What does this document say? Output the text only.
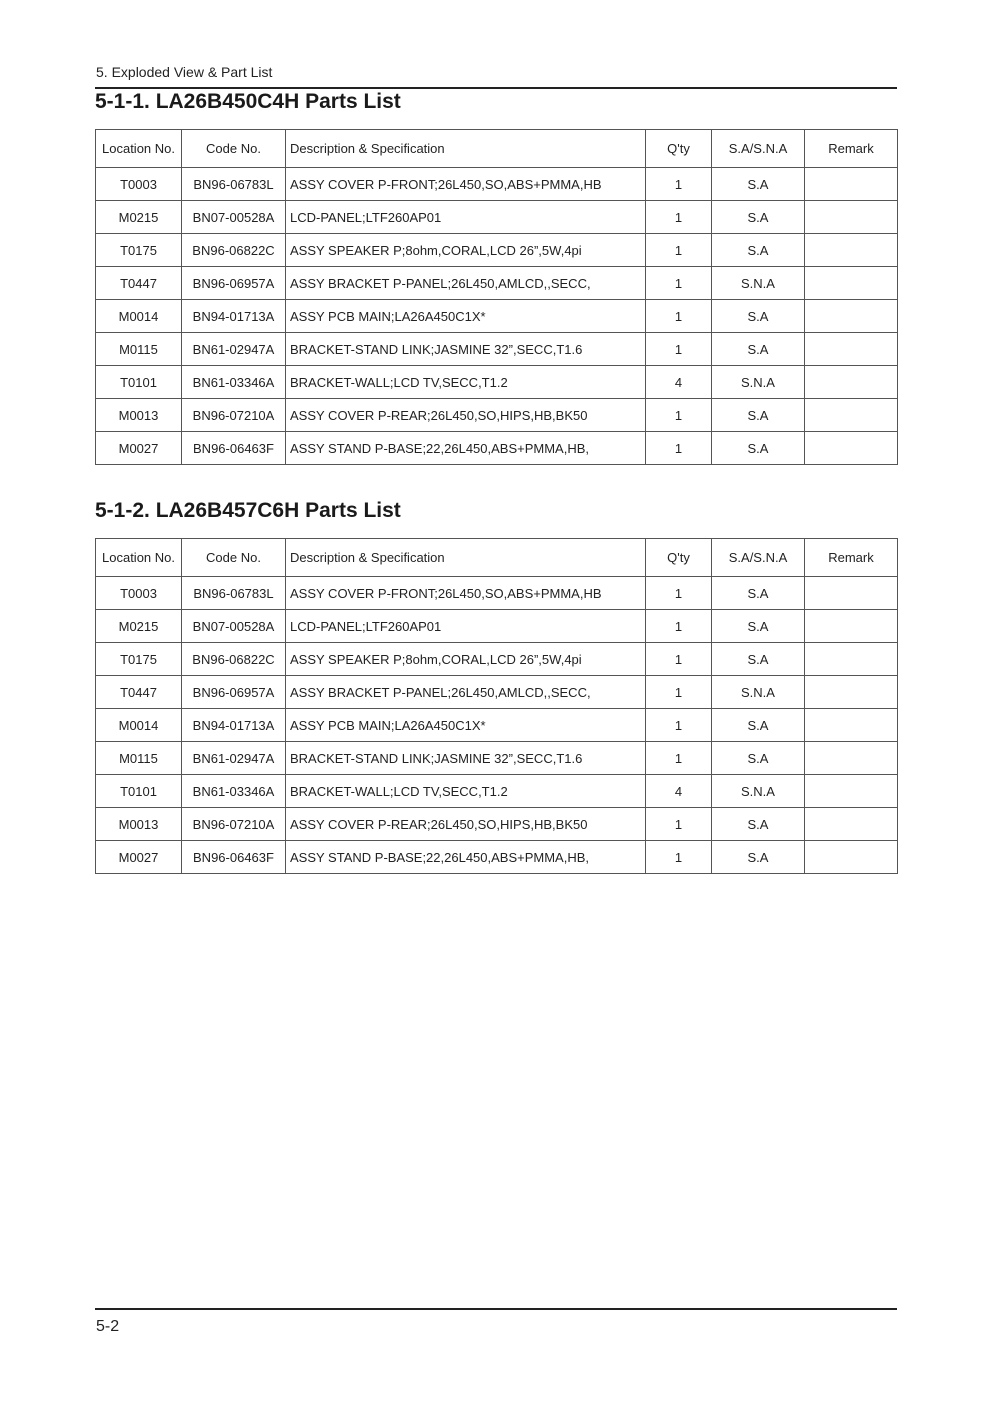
5. Exploded View & Part List
5-1-1. LA26B450C4H Parts List
Location No.	Code No.	Description & Specification	Q'ty	S.A/S.N.A	Remark
T0003	BN96-06783L	ASSY COVER P-FRONT;26L450,SO,ABS+PMMA,HB	1	S.A	
M0215	BN07-00528A	LCD-PANEL;LTF260AP01	1	S.A	
T0175	BN96-06822C	ASSY SPEAKER P;8ohm,CORAL,LCD 26”,5W,4pi	1	S.A	
T0447	BN96-06957A	ASSY BRACKET P-PANEL;26L450,AMLCD,,SECC,	1	S.N.A	
M0014	BN94-01713A	ASSY PCB MAIN;LA26A450C1X*	1	S.A	
M0115	BN61-02947A	BRACKET-STAND LINK;JASMINE 32”,SECC,T1.6	1	S.A	
T0101	BN61-03346A	BRACKET-WALL;LCD TV,SECC,T1.2	4	S.N.A	
M0013	BN96-07210A	ASSY COVER P-REAR;26L450,SO,HIPS,HB,BK50	1	S.A	
M0027	BN96-06463F	ASSY STAND P-BASE;22,26L450,ABS+PMMA,HB,	1	S.A	
5-1-2. LA26B457C6H Parts List
Location No.	Code No.	Description & Specification	Q'ty	S.A/S.N.A	Remark
T0003	BN96-06783L	ASSY COVER P-FRONT;26L450,SO,ABS+PMMA,HB	1	S.A	
M0215	BN07-00528A	LCD-PANEL;LTF260AP01	1	S.A	
T0175	BN96-06822C	ASSY SPEAKER P;8ohm,CORAL,LCD 26”,5W,4pi	1	S.A	
T0447	BN96-06957A	ASSY BRACKET P-PANEL;26L450,AMLCD,,SECC,	1	S.N.A	
M0014	BN94-01713A	ASSY PCB MAIN;LA26A450C1X*	1	S.A	
M0115	BN61-02947A	BRACKET-STAND LINK;JASMINE 32”,SECC,T1.6	1	S.A	
T0101	BN61-03346A	BRACKET-WALL;LCD TV,SECC,T1.2	4	S.N.A	
M0013	BN96-07210A	ASSY COVER P-REAR;26L450,SO,HIPS,HB,BK50	1	S.A	
M0027	BN96-06463F	ASSY STAND P-BASE;22,26L450,ABS+PMMA,HB,	1	S.A	
5-2
